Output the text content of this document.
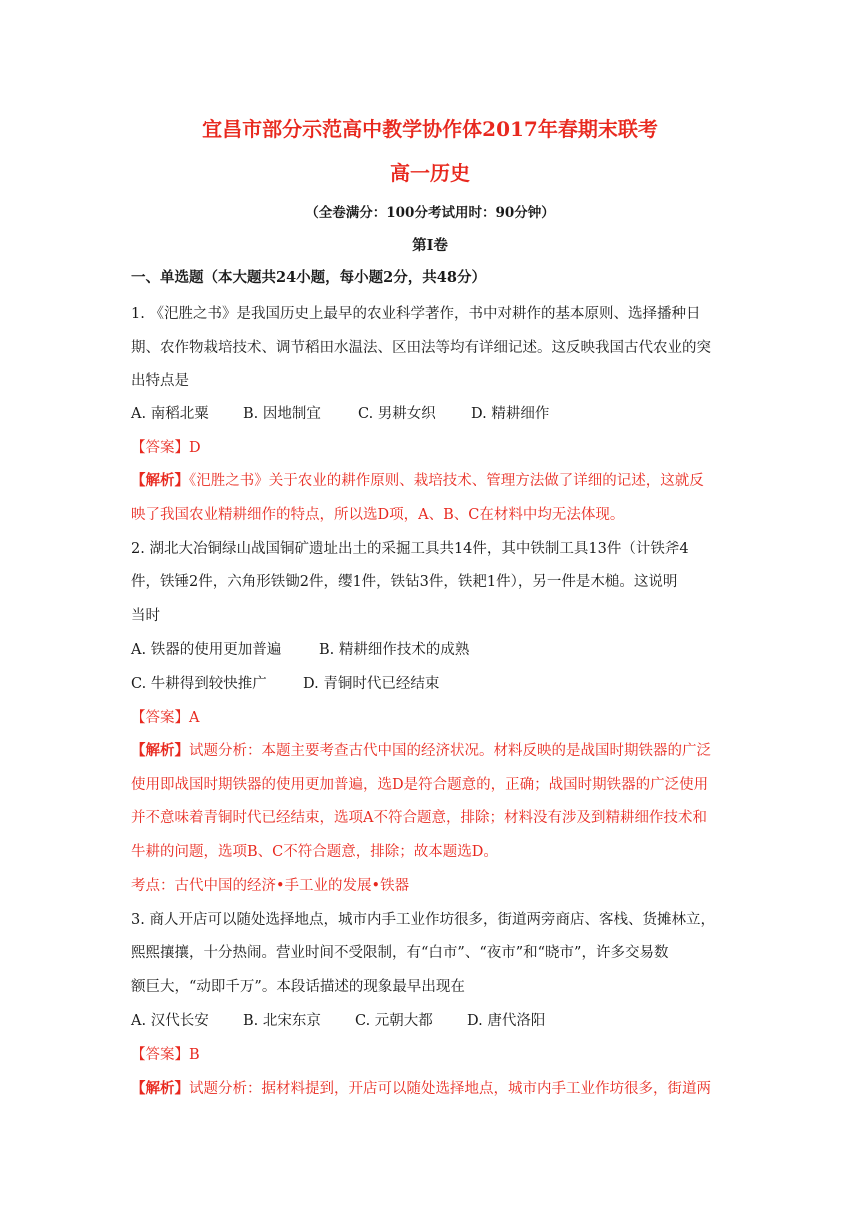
宜昌市部分示范高中教学协作体2017年春期末联考
高一历史
（全卷满分：100分考试用时：90分钟）
第Ⅰ卷
一、单选题（本大题共24小题，每小题2分，共48分）
1. 《汜胜之书》是我国历史上最早的农业科学著作，书中对耕作的基本原则、选择播种日
期、农作物栽培技术、调节稻田水温法、区田法等均有详细记述。这反映我国古代农业的突
出特点是
A. 南稻北粟 B. 因地制宜	C. 男耕女织 D. 精耕细作
【答案】D
【解析】《汜胜之书》关于农业的耕作原则、栽培技术、管理方法做了详细的记述，这就反
映了我国农业精耕细作的特点，所以选D项，A、B、C在材料中均无法体现。
2. 湖北大冶铜绿山战国铜矿遗址出土的采掘工具共14件，其中铁制工具13件（计铁斧4
件，铁锤2件，六角形铁锄2件，缨1件，铁钻3件，铁耙1件），另一件是木槌。这说明
当时
A. 铁器的使用更加普遍	B. 精耕细作技术的成熟
C. 牛耕得到较快推广 D. 青铜时代已经结束
【答案】A
【解析】试题分析：本题主要考查古代中国的经济状况。材料反映的是战国时期铁器的广泛
使用即战国时期铁器的使用更加普遍，选D是符合题意的，正确；战国时期铁器的广泛使用
并不意味着青铜时代已经结束，选项A不符合题意，排除；材料没有涉及到精耕细作技术和
牛耕的问题，选项B、C不符合题意，排除；故本题选D。
考点：古代中国的经济•手工业的发展•铁器
3. 商人开店可以随处选择地点，城市内手工业作坊很多，街道两旁商店、客栈、货摊林立，
熙熙攘攘，十分热闹。营业时间不受限制，有“白市”、“夜市”和“晓市”，许多交易数
额巨大，“动即千万”。本段话描述的现象最早出现在
A. 汉代长安 B. 北宋东京 C. 元朝大都 D. 唐代洛阳
【答案】B
【解析】试题分析：据材料提到，开店可以随处选择地点，城市内手工业作坊很多，街道两
